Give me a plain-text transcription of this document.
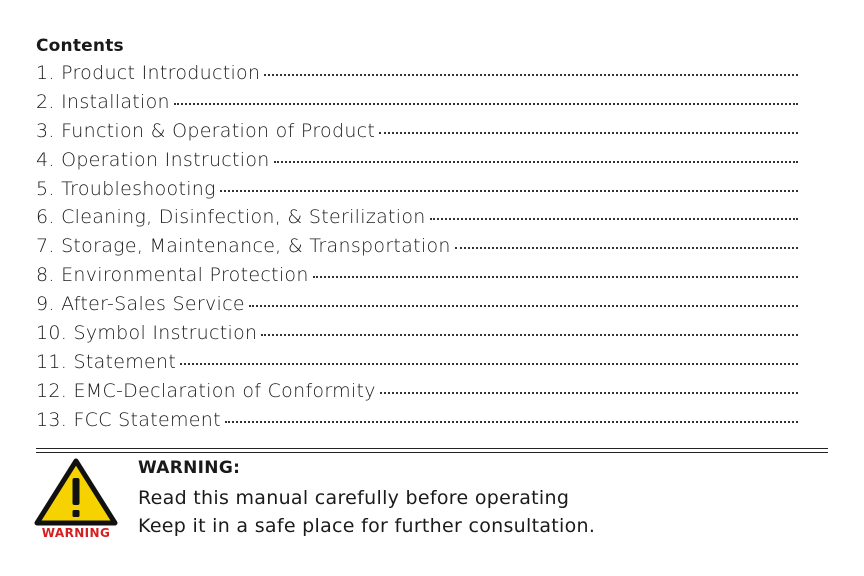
Contents
1. Product Introduction
2. Installation
3. Function & Operation of Product
4. Operation Instruction
5. Troubleshooting
6. Cleaning, Disinfection, & Sterilization
7. Storage, Maintenance, & Transportation
8. Environmental Protection
9. After-Sales Service
10. Symbol Instruction
11. Statement
12. EMC-Declaration of Conformity
13. FCC Statement
WARNING
WARNING:
Read this manual carefully before operating
Keep it in a safe place for further consultation.
